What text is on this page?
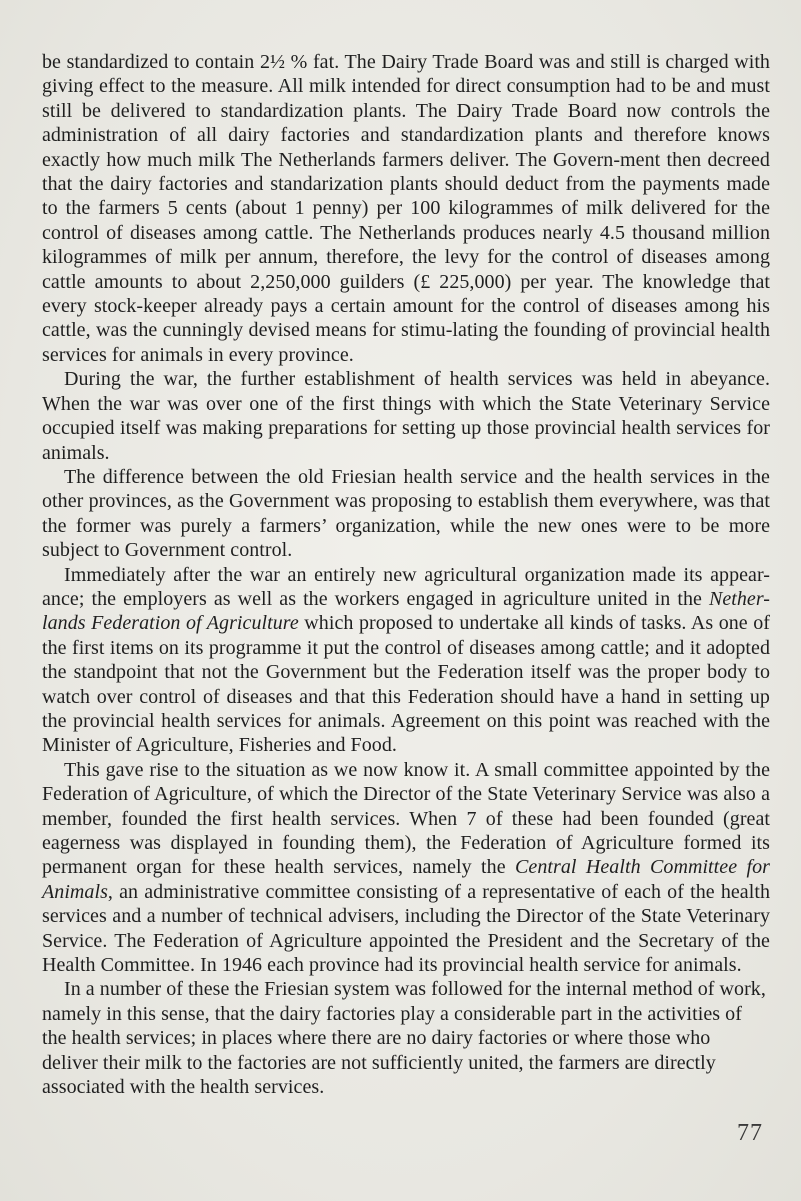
be standardized to contain 2½ % fat. The Dairy Trade Board was and still is charged with giving effect to the measure. All milk intended for direct consumption had to be and must still be delivered to standardization plants. The Dairy Trade Board now controls the administration of all dairy factories and standardization plants and therefore knows exactly how much milk The Netherlands farmers deliver. The Govern-ment then decreed that the dairy factories and standarization plants should deduct from the payments made to the farmers 5 cents (about 1 penny) per 100 kilogrammes of milk delivered for the control of diseases among cattle. The Netherlands produces nearly 4.5 thousand million kilogrammes of milk per annum, therefore, the levy for the control of diseases among cattle amounts to about 2,250,000 guilders (£ 225,000) per year. The knowledge that every stock-keeper already pays a certain amount for the control of diseases among his cattle, was the cunningly devised means for stimu-lating the founding of provincial health services for animals in every province.

During the war, the further establishment of health services was held in abeyance. When the war was over one of the first things with which the State Veterinary Service occupied itself was making preparations for setting up those provincial health services for animals.

The difference between the old Friesian health service and the health services in the other provinces, as the Government was proposing to establish them everywhere, was that the former was purely a farmers’ organization, while the new ones were to be more subject to Government control.

Immediately after the war an entirely new agricultural organization made its appear-ance; the employers as well as the workers engaged in agriculture united in the Nether-lands Federation of Agriculture which proposed to undertake all kinds of tasks. As one of the first items on its programme it put the control of diseases among cattle; and it adopted the standpoint that not the Government but the Federation itself was the proper body to watch over control of diseases and that this Federation should have a hand in setting up the provincial health services for animals. Agreement on this point was reached with the Minister of Agriculture, Fisheries and Food.

This gave rise to the situation as we now know it. A small committee appointed by the Federation of Agriculture, of which the Director of the State Veterinary Service was also a member, founded the first health services. When 7 of these had been founded (great eagerness was displayed in founding them), the Federation of Agriculture formed its permanent organ for these health services, namely the Central Health Committee for Animals, an administrative committee consisting of a representative of each of the health services and a number of technical advisers, including the Director of the State Veterinary Service. The Federation of Agriculture appointed the President and the Secretary of the Health Committee. In 1946 each province had its provincial health service for animals.

In a number of these the Friesian system was followed for the internal method of work, namely in this sense, that the dairy factories play a considerable part in the activities of the health services; in places where there are no dairy factories or where those who deliver their milk to the factories are not sufficiently united, the farmers are directly associated with the health services.

77
